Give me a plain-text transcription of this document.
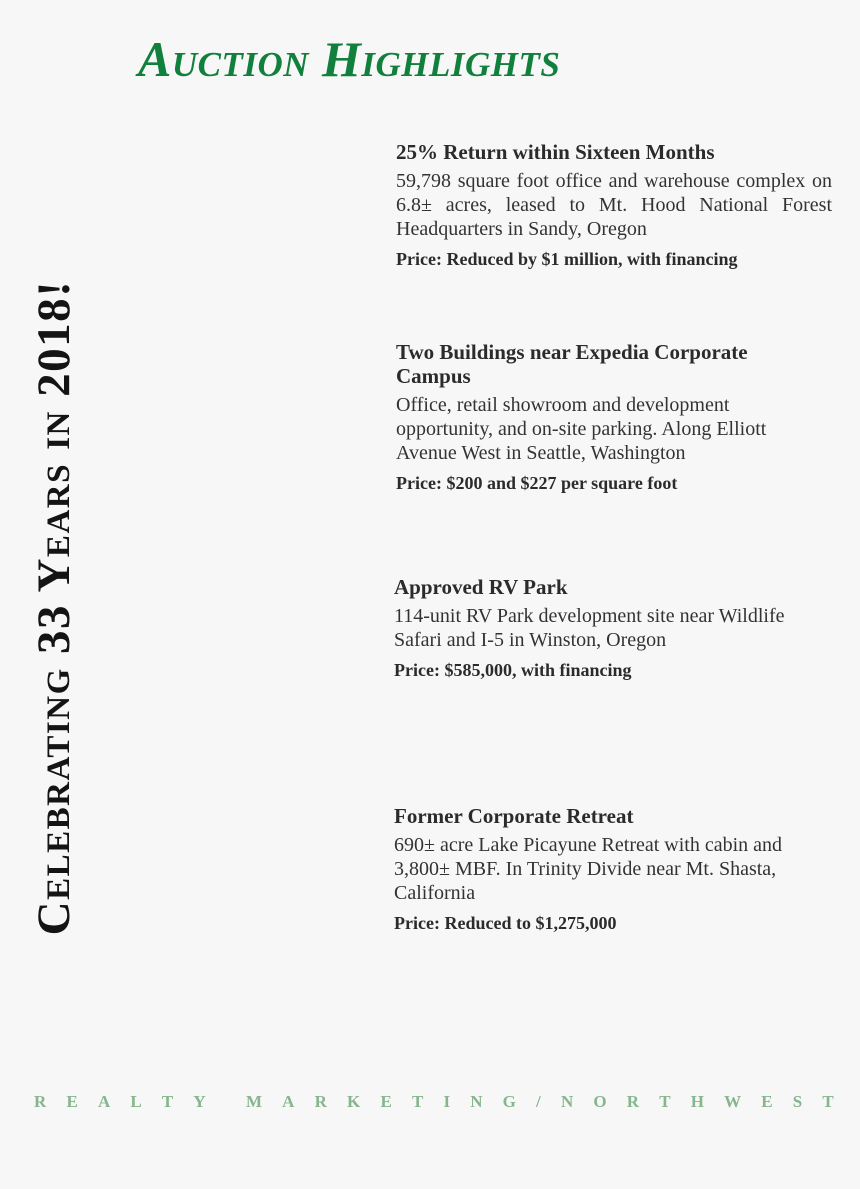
Auction Highlights
Celebrating 33 Years in 2018!
25% Return within Sixteen Months

59,798 square foot office and warehouse complex on 6.8± acres, leased to Mt. Hood National Forest Headquarters in Sandy, Oregon

Price: Reduced by $1 million, with financing
Two Buildings near Expedia Corporate Campus

Office, retail showroom and development opportunity, and on-site parking. Along Elliott Avenue West in Seattle, Washington

Price: $200 and $227 per square foot
Approved RV Park

114-unit RV Park development site near Wildlife Safari and I-5 in Winston, Oregon

Price: $585,000, with financing
Former Corporate Retreat

690± acre Lake Picayune Retreat with cabin and 3,800± MBF. In Trinity Divide near Mt. Shasta, California

Price: Reduced to $1,275,000
R E A L T Y M A R K E T I N G / N O R T H W E S T
